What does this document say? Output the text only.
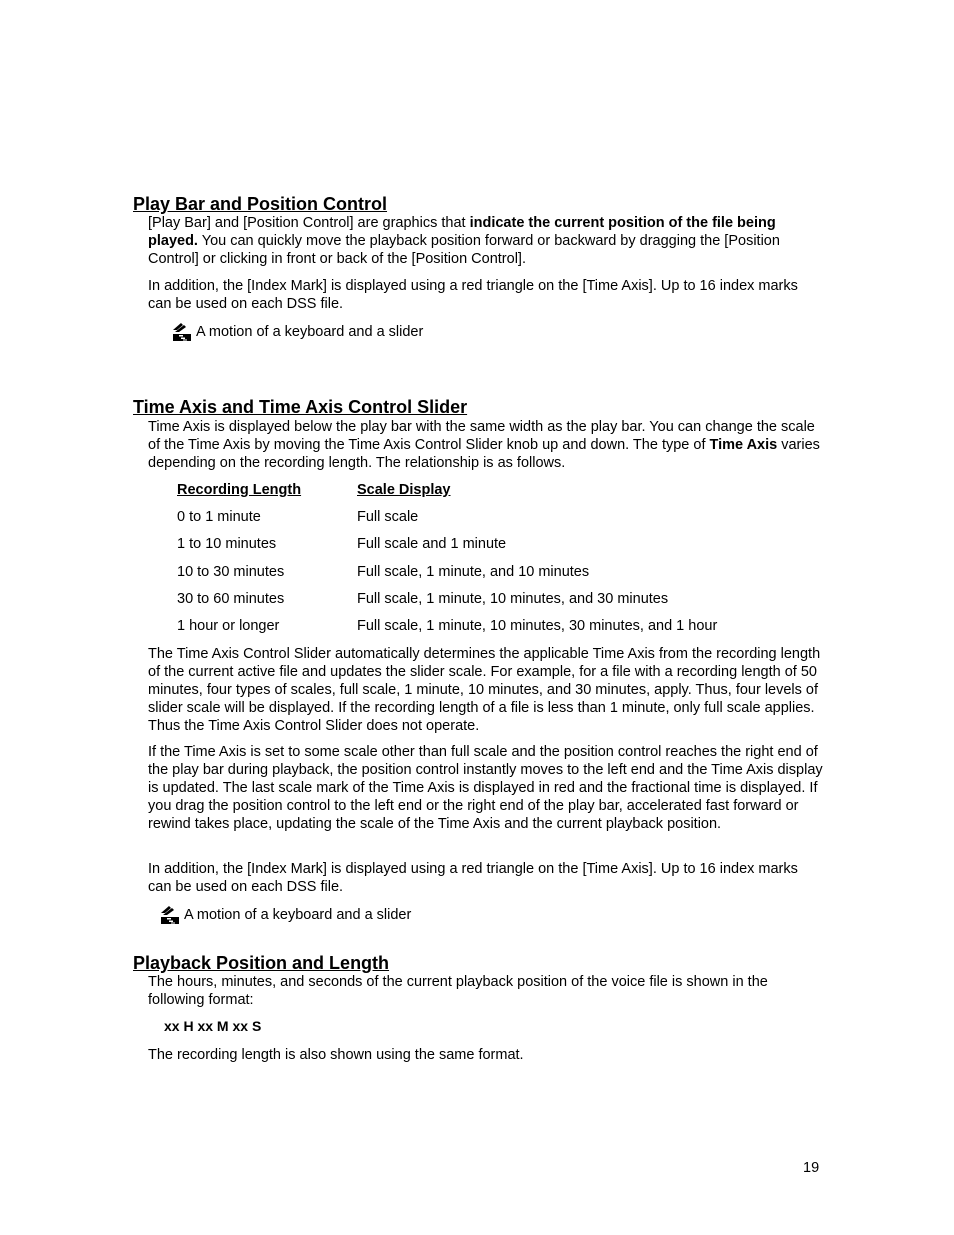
Play Bar and Position Control

[Play Bar] and [Position Control] are graphics that indicate the current position of the file being played. You can quickly move the playback position forward or backward by dragging the [Position Control] or clicking in front or back of the [Position Control].

In addition, the [Index Mark] is displayed using a red triangle on the [Time Axis]. Up to 16 index marks can be used on each DSS file.

A motion of a keyboard and a slider
Time Axis and Time Axis Control Slider

Time Axis is displayed below the play bar with the same width as the play bar. You can change the scale of the Time Axis by moving the Time Axis Control Slider knob up and down. The type of Time Axis varies depending on the recording length. The relationship is as follows.

Recording Length	Scale Display
0 to 1 minute	Full scale
1 to 10 minutes	Full scale and 1 minute
10 to 30 minutes	Full scale, 1 minute, and 10 minutes
30 to 60 minutes	Full scale, 1 minute, 10 minutes, and 30 minutes
1 hour or longer	Full scale, 1 minute, 10 minutes, 30 minutes, and 1 hour

The Time Axis Control Slider automatically determines the applicable Time Axis from the recording length of the current active file and updates the slider scale. For example, for a file with a recording length of 50 minutes, four types of scales, full scale, 1 minute, 10 minutes, and 30 minutes, apply. Thus, four levels of slider scale will be displayed. If the recording length of a file is less than 1 minute, only full scale applies. Thus the Time Axis Control Slider does not operate.

If the Time Axis is set to some scale other than full scale and the position control reaches the right end of the play bar during playback, the position control instantly moves to the left end and the Time Axis display is updated. The last scale mark of the Time Axis is displayed in red and the fractional time is displayed. If you drag the position control to the left end or the right end of the play bar, accelerated fast forward or rewind takes place, updating the scale of the Time Axis and the current playback position.

In addition, the [Index Mark] is displayed using a red triangle on the [Time Axis]. Up to 16 index marks can be used on each DSS file.

A motion of a keyboard and a slider
Playback Position and Length

The hours, minutes, and seconds of the current playback position of the voice file is shown in the following format:

xx H xx M xx S

The recording length is also shown using the same format.

19
